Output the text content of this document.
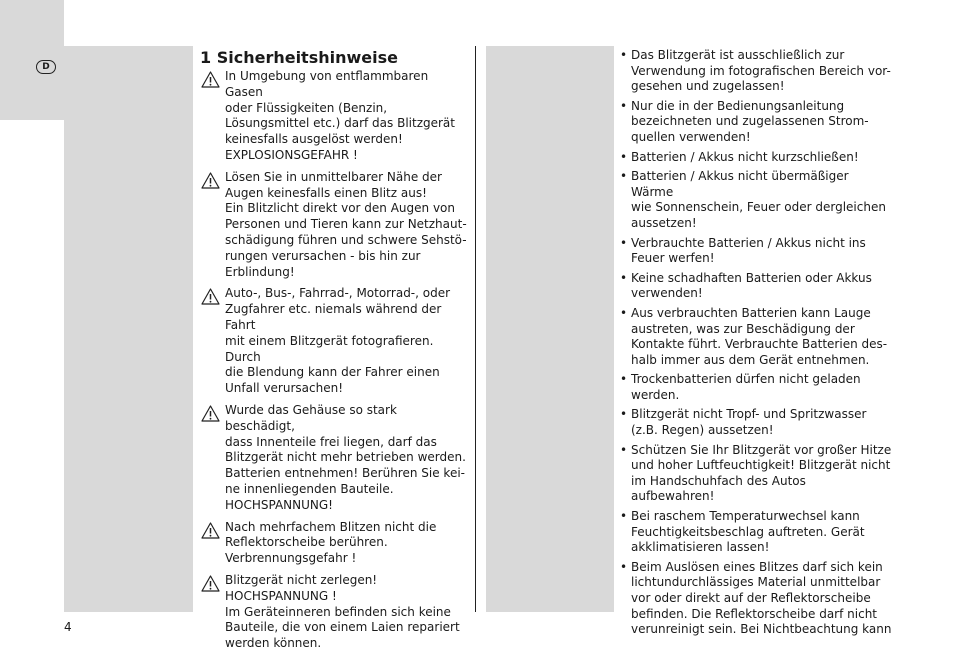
D	1 Sicherheitshinweise

In Umgebung von entflammbaren Gasen
oder Flüssigkeiten (Benzin,
Lösungsmittel etc.) darf das Blitzgerät
keinesfalls ausgelöst werden!
EXPLOSIONSGEFAHR !

Lösen Sie in unmittelbarer Nähe der
Augen keinesfalls einen Blitz aus!
Ein Blitzlicht direkt vor den Augen von
Personen und Tieren kann zur Netzhaut-
schädigung führen und schwere Sehstö-
rungen verursachen - bis hin zur
Erblindung!

Auto-, Bus-, Fahrrad-, Motorrad-, oder
Zugfahrer etc. niemals während der Fahrt
mit einem Blitzgerät fotografieren. Durch
die Blendung kann der Fahrer einen
Unfall verursachen!

Wurde das Gehäuse so stark beschädigt,
dass Innenteile frei liegen, darf das
Blitzgerät nicht mehr betrieben werden.
Batterien entnehmen! Berühren Sie kei-
ne innenliegenden Bauteile.
HOCHSPANNUNG!

Nach mehrfachem Blitzen nicht die
Reflektorscheibe berühren.
Verbrennungsgefahr !

Blitzgerät nicht zerlegen!
HOCHSPANNUNG !
Im Geräteinneren befinden sich keine
Bauteile, die von einem Laien repariert
werden können.

• Das Blitzgerät ist ausschließlich zur
Verwendung im fotografischen Bereich vor-
gesehen und zugelassen!
• Nur die in der Bedienungsanleitung
bezeichneten und zugelassenen Strom-
quellen verwenden!
• Batterien / Akkus nicht kurzschließen!
• Batterien / Akkus nicht übermäßiger Wärme
wie Sonnenschein, Feuer oder dergleichen
aussetzen!
• Verbrauchte Batterien / Akkus nicht ins
Feuer werfen!
• Keine schadhaften Batterien oder Akkus
verwenden!
• Aus verbrauchten Batterien kann Lauge
austreten, was zur Beschädigung der
Kontakte führt. Verbrauchte Batterien des-
halb immer aus dem Gerät entnehmen.
• Trockenbatterien dürfen nicht geladen
werden.
• Blitzgerät nicht Tropf- und Spritzwasser
(z.B. Regen) aussetzen!
• Schützen Sie Ihr Blitzgerät vor großer Hitze
und hoher Luftfeuchtigkeit! Blitzgerät nicht
im Handschuhfach des Autos aufbewahren!
• Bei raschem Temperaturwechsel kann
Feuchtigkeitsbeschlag auftreten. Gerät
akklimatisieren lassen!
• Beim Auslösen eines Blitzes darf sich kein
lichtundurchlässiges Material unmittelbar
vor oder direkt auf der Reflektorscheibe
befinden. Die Reflektorscheibe darf nicht
verunreinigt sein. Bei Nichtbeachtung kann
4
